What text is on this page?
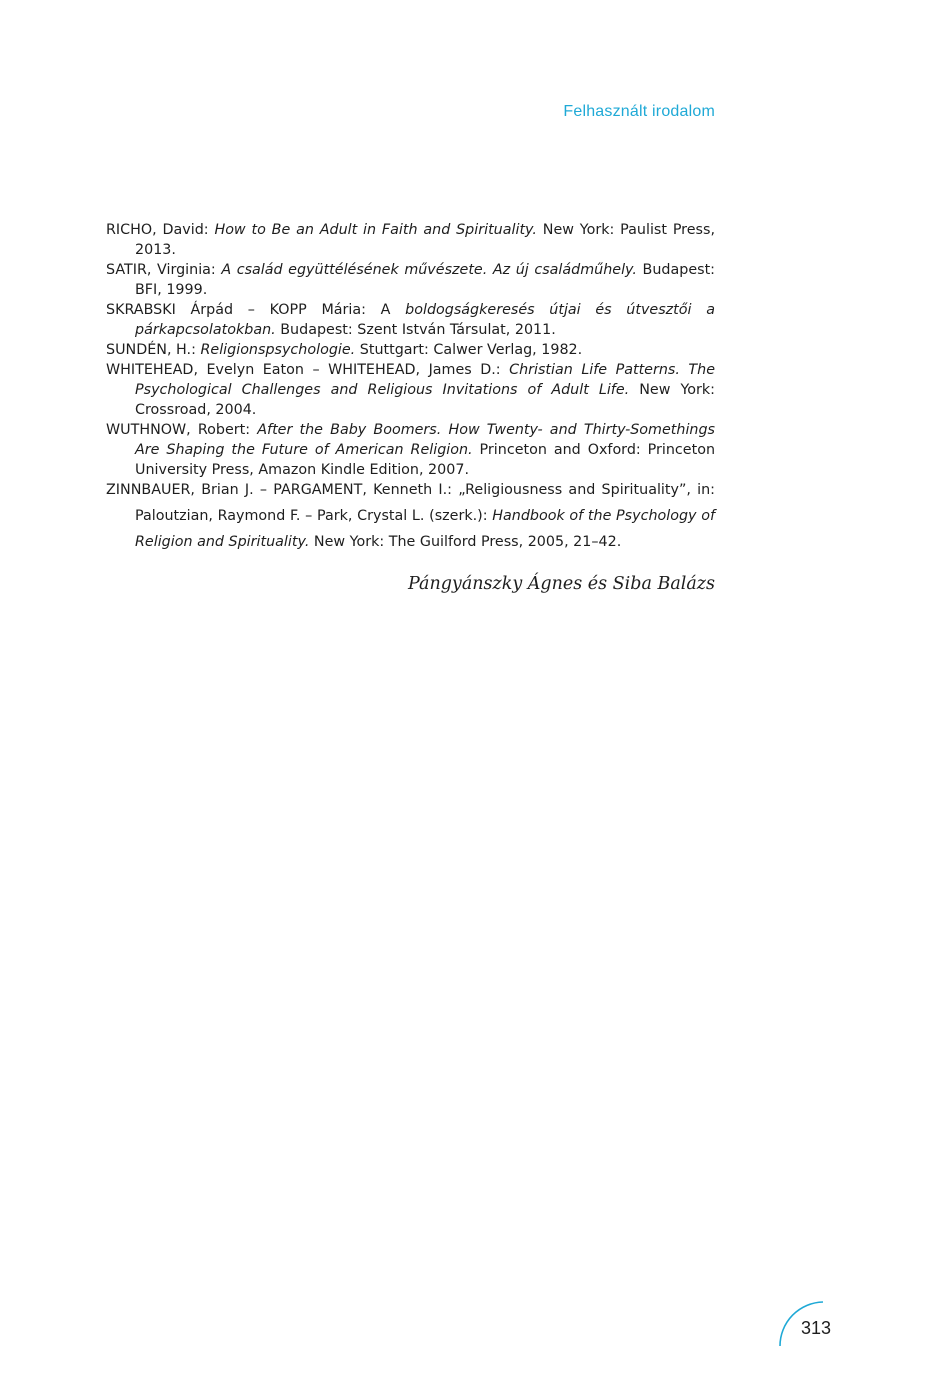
Felhasznált irodalom
RICHO, David: How to Be an Adult in Faith and Spirituality. New York: Paulist Press, 2013.
SATIR, Virginia: A család együttélésének művészete. Az új családműhely. Budapest: BFI, 1999.
SKRABSKI Árpád – KOPP Mária: A boldogságkeresés útjai és útvesztői a párkapcsolatokban. Budapest: Szent István Társulat, 2011.
SUNDÉN, H.: Religionspsychologie. Stuttgart: Calwer Verlag, 1982.
WHITEHEAD, Evelyn Eaton – WHITEHEAD, James D.: Christian Life Patterns. The Psychological Challenges and Religious Invitations of Adult Life. New York: Crossroad, 2004.
WUTHNOW, Robert: After the Baby Boomers. How Twenty- and Thirty-Somethings Are Shaping the Future of American Religion. Princeton and Oxford: Princeton University Press, Amazon Kindle Edition, 2007.
ZINNBAUER, Brian J. – PARGAMENT, Kenneth I.: „Religiousness and Spirituality”, in: Paloutzian, Raymond F. – Park, Crystal L. (szerk.): Handbook of the Psychology of Religion and Spirituality. New York: The Guilford Press, 2005, 21–42.
Pángyánszky Ágnes és Siba Balázs
313
